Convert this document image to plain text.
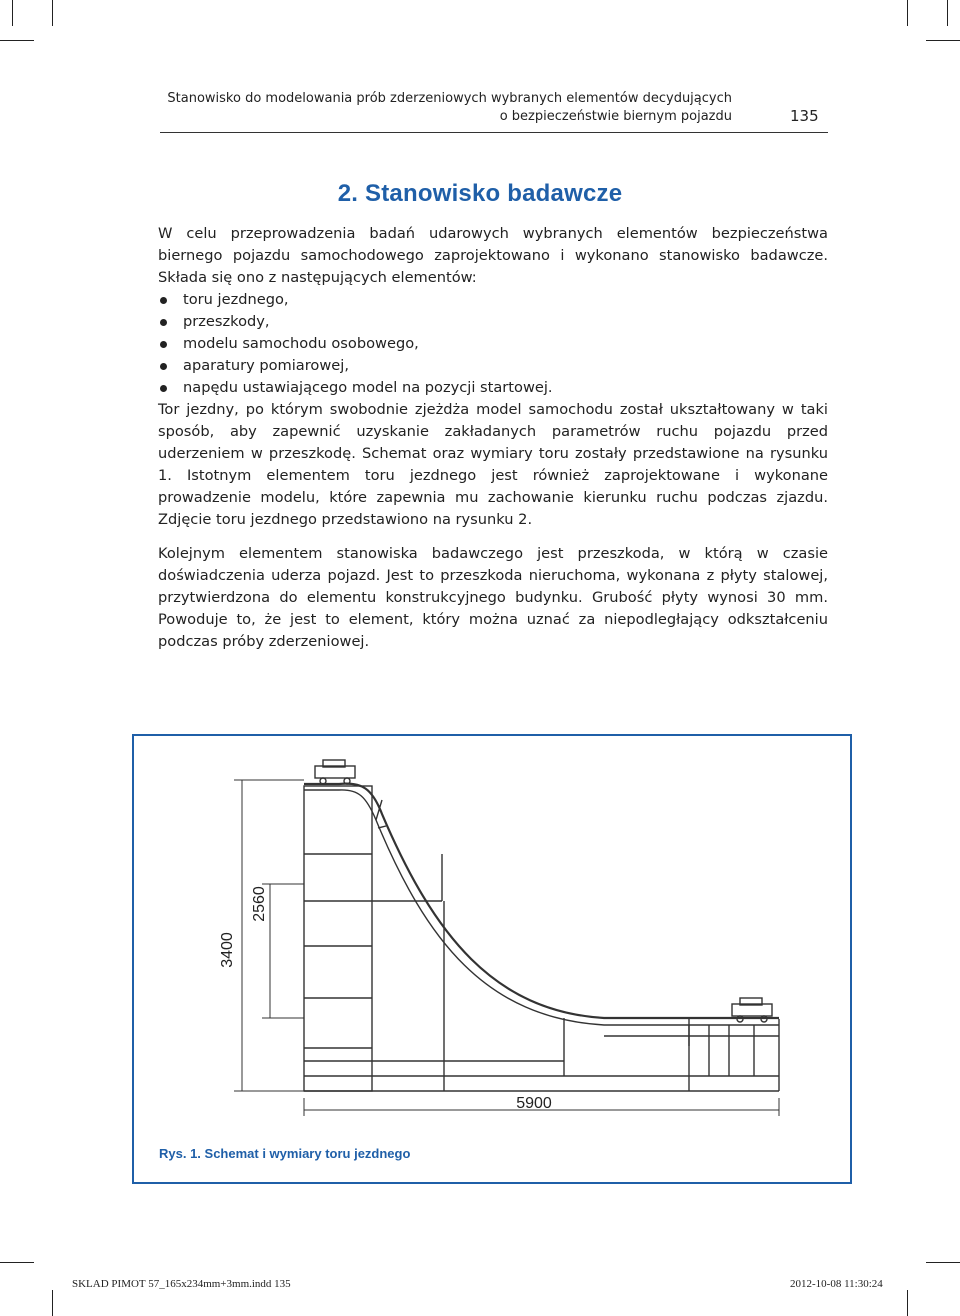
Stanowisko do modelowania prób zderzeniowych wybranych elementów decydujących
o bezpieczeństwie biernym pojazdu	135
2. Stanowisko badawcze

W celu przeprowadzenia badań udarowych wybranych elementów bezpieczeństwa biernego pojazdu samochodowego zaprojektowano i wykonano stanowisko badawcze. Składa się ono z następujących elementów:

toru jezdnego,
przeszkody,
modelu samochodu osobowego,
aparatury pomiarowej,
napędu ustawiającego model na pozycji startowej.

Tor jezdny, po którym swobodnie zjeżdża model samochodu został ukształtowany w taki sposób, aby zapewnić uzyskanie zakładanych parametrów ruchu pojazdu przed uderzeniem w przeszkodę. Schemat oraz wymiary toru zostały przedstawione na rysunku 1. Istotnym elementem toru jezdnego jest również zaprojektowane i wykonane prowadzenie modelu, które zapewnia mu zachowanie kierunku ruchu podczas zjazdu. Zdjęcie toru jezdnego przedstawiono na rysunku 2.

Kolejnym elementem stanowiska badawczego jest przeszkoda, w którą w czasie doświadczenia uderza pojazd. Jest to przeszkoda nieruchoma, wykonana z płyty stalowej, przytwierdzona do elementu konstrukcyjnego budynku. Grubość płyty wynosi 30 mm. Powoduje to, że jest to element, który można uznać za niepodległający odkształceniu podczas próby zderzeniowej.

3400
2560
5900
Rys. 1. Schemat i wymiary toru jezdnego
SKLAD PIMOT 57_165x234mm+3mm.indd 135	2012-10-08 11:30:24
